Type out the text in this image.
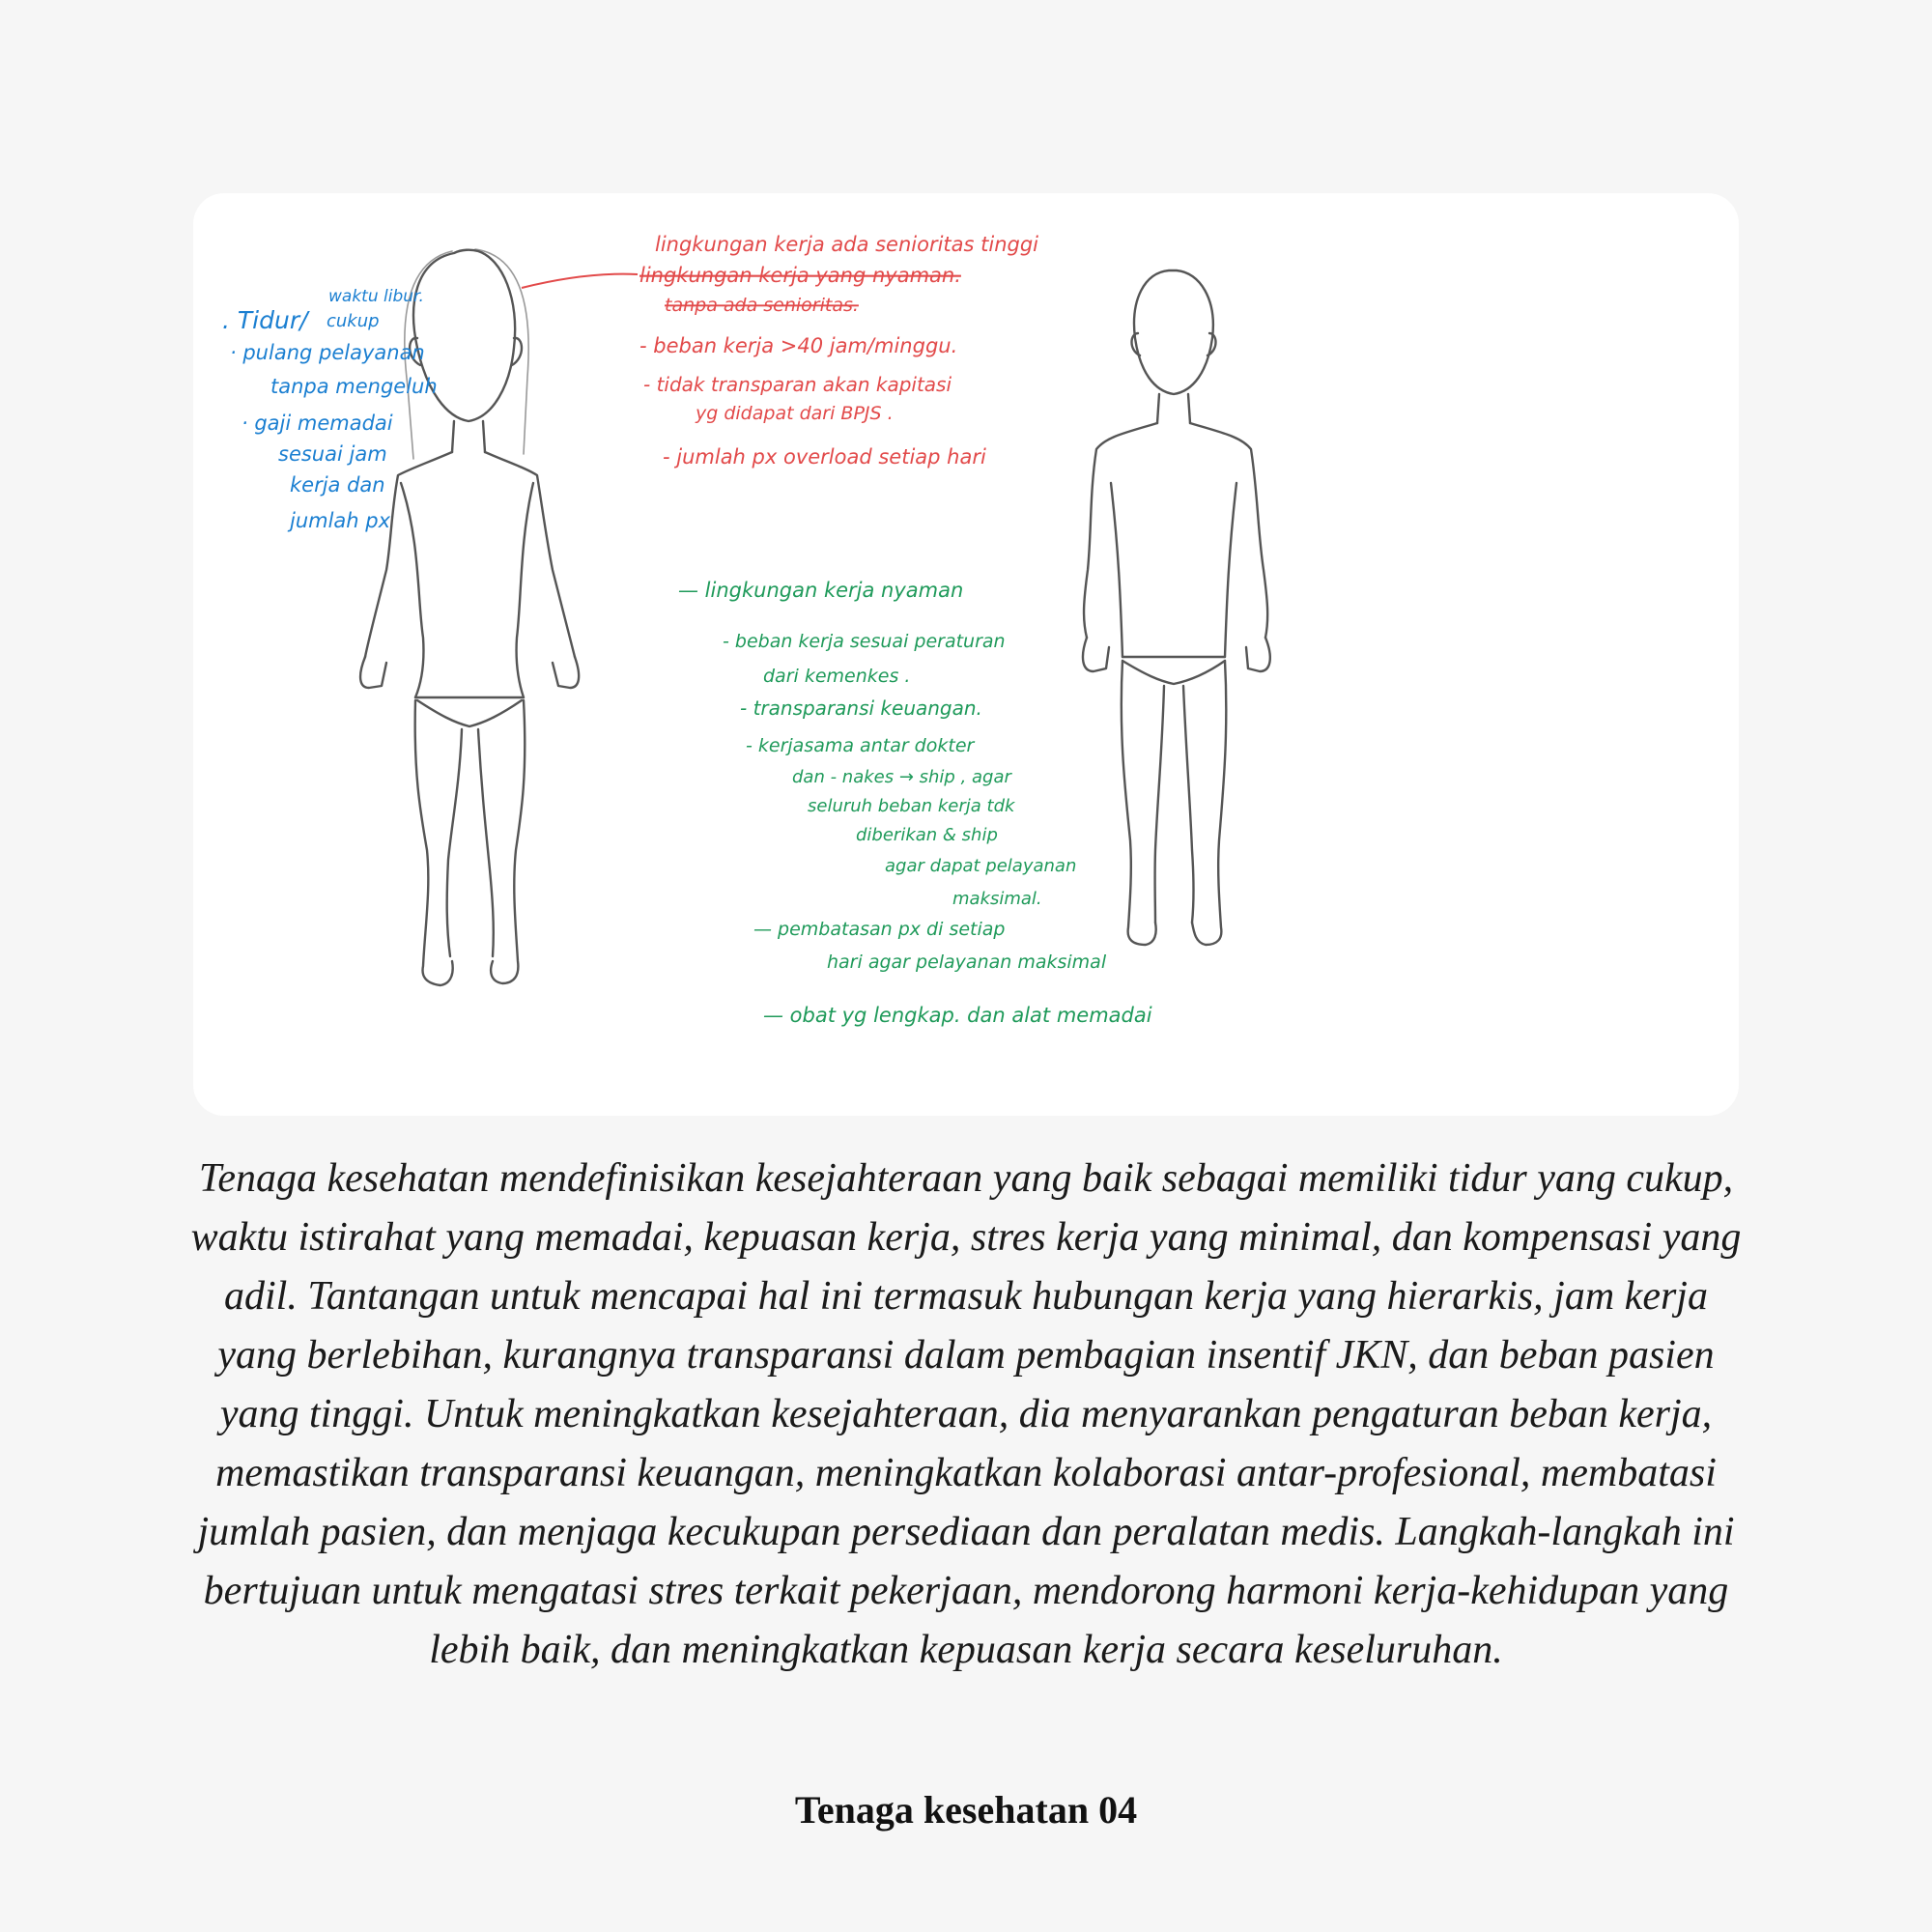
. Tidur/
waktu libur.
cukup
· pulang pelayanan
tanpa mengeluh
· gaji memadai
sesuai jam
kerja dan
jumlah px
lingkungan kerja ada senioritas tinggi
lingkungan kerja yang nyaman.
tanpa ada senioritas.
- beban kerja >40 jam/minggu.
- tidak transparan akan kapitasi
yg didapat dari BPJS .
- jumlah px overload setiap hari
— lingkungan kerja nyaman
- beban kerja sesuai peraturan
dari kemenkes .
- transparansi keuangan.
- kerjasama antar dokter
dan - nakes → ship , agar
seluruh beban kerja tdk
diberikan & ship
agar dapat pelayanan
maksimal.
— pembatasan px di setiap
hari agar pelayanan maksimal
— obat yg lengkap. dan alat memadai

Tenaga kesehatan mendefinisikan kesejahteraan yang baik sebagai memiliki tidur yang cukup, waktu istirahat yang memadai, kepuasan kerja, stres kerja yang minimal, dan kompensasi yang adil. Tantangan untuk mencapai hal ini termasuk hubungan kerja yang hierarkis, jam kerja yang berlebihan, kurangnya transparansi dalam pembagian insentif JKN, dan beban pasien yang tinggi. Untuk meningkatkan kesejahteraan, dia menyarankan pengaturan beban kerja, memastikan transparansi keuangan, meningkatkan kolaborasi antar-profesional, membatasi jumlah pasien, dan menjaga kecukupan persediaan dan peralatan medis. Langkah-langkah ini bertujuan untuk mengatasi stres terkait pekerjaan, mendorong harmoni kerja-kehidupan yang lebih baik, dan meningkatkan kepuasan kerja secara keseluruhan.

Tenaga kesehatan 04
